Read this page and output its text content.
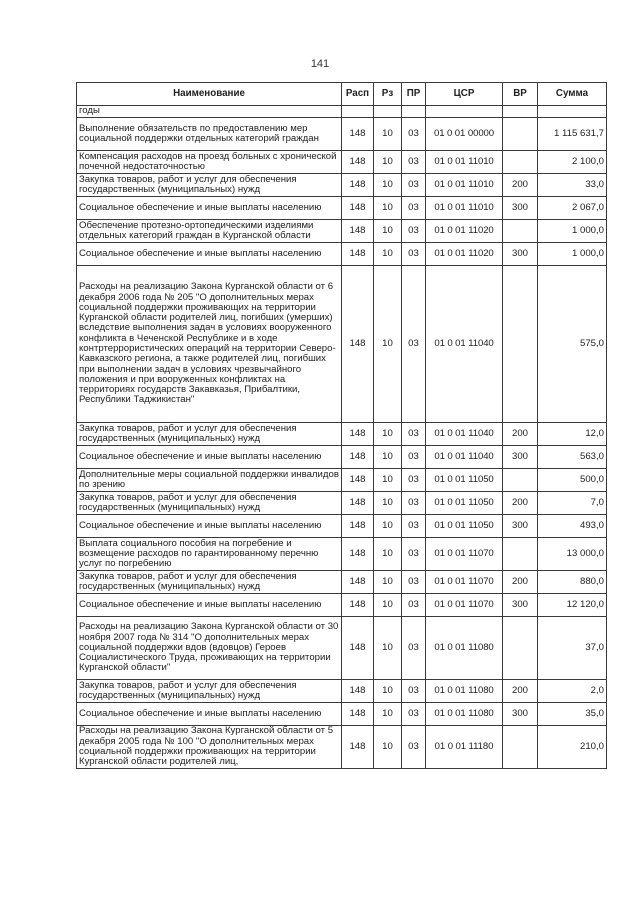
141
Наименование	Расп	Рз	ПР	ЦСР	ВР	Сумма
годы						
Выполнение обязательств по предоставлению мер социальной поддержки отдельных категорий граждан	148	10	03	01 0 01 00000		1 115 631,7
Компенсация расходов на проезд больных с хронической почечной недостаточностью	148	10	03	01 0 01 11010		2 100,0
Закупка товаров, работ и услуг для обеспечения государственных (муниципальных) нужд	148	10	03	01 0 01 11010	200	33,0
Социальное обеспечение и иные выплаты населению	148	10	03	01 0 01 11010	300	2 067,0
Обеспечение протезно-ортопедическими изделиями отдельных категорий граждан в Курганской области	148	10	03	01 0 01 11020		1 000,0
Социальное обеспечение и иные выплаты населению	148	10	03	01 0 01 11020	300	1 000,0
Расходы на реализацию Закона Курганской области от 6 декабря 2006 года № 205 "О дополнительных мерах социальной поддержки проживающих на территории Курганской области родителей лиц, погибших (умерших) вследствие выполнения задач в условиях вооруженного конфликта в Чеченской Республике и в ходе контртеррористических операций на территории Северо-Кавказского региона, а также родителей лиц, погибших при выполнении задач в условиях чрезвычайного положения и при вооруженных конфликтах на территориях государств Закавказья, Прибалтики, Республики Таджикистан"	148	10	03	01 0 01 11040		575,0
Закупка товаров, работ и услуг для обеспечения государственных (муниципальных) нужд	148	10	03	01 0 01 11040	200	12,0
Социальное обеспечение и иные выплаты населению	148	10	03	01 0 01 11040	300	563,0
Дополнительные меры социальной поддержки инвалидов по зрению	148	10	03	01 0 01 11050		500,0
Закупка товаров, работ и услуг для обеспечения государственных (муниципальных) нужд	148	10	03	01 0 01 11050	200	7,0
Социальное обеспечение и иные выплаты населению	148	10	03	01 0 01 11050	300	493,0
Выплата социального пособия на погребение и возмещение расходов по гарантированному перечню услуг по погребению	148	10	03	01 0 01 11070		13 000,0
Закупка товаров, работ и услуг для обеспечения государственных (муниципальных) нужд	148	10	03	01 0 01 11070	200	880,0
Социальное обеспечение и иные выплаты населению	148	10	03	01 0 01 11070	300	12 120,0
Расходы на реализацию Закона Курганской области от 30 ноября 2007 года № 314 "О дополнительных мерах социальной поддержки вдов (вдовцов) Героев Социалистического Труда, проживающих на территории Курганской области"	148	10	03	01 0 01 11080		37,0
Закупка товаров, работ и услуг для обеспечения государственных (муниципальных) нужд	148	10	03	01 0 01 11080	200	2,0
Социальное обеспечение и иные выплаты населению	148	10	03	01 0 01 11080	300	35,0
Расходы на реализацию Закона Курганской области от 5 декабря 2005 года № 100 "О дополнительных мерах социальной поддержки проживающих на территории Курганской области родителей лиц,	148	10	03	01 0 01 11180		210,0
